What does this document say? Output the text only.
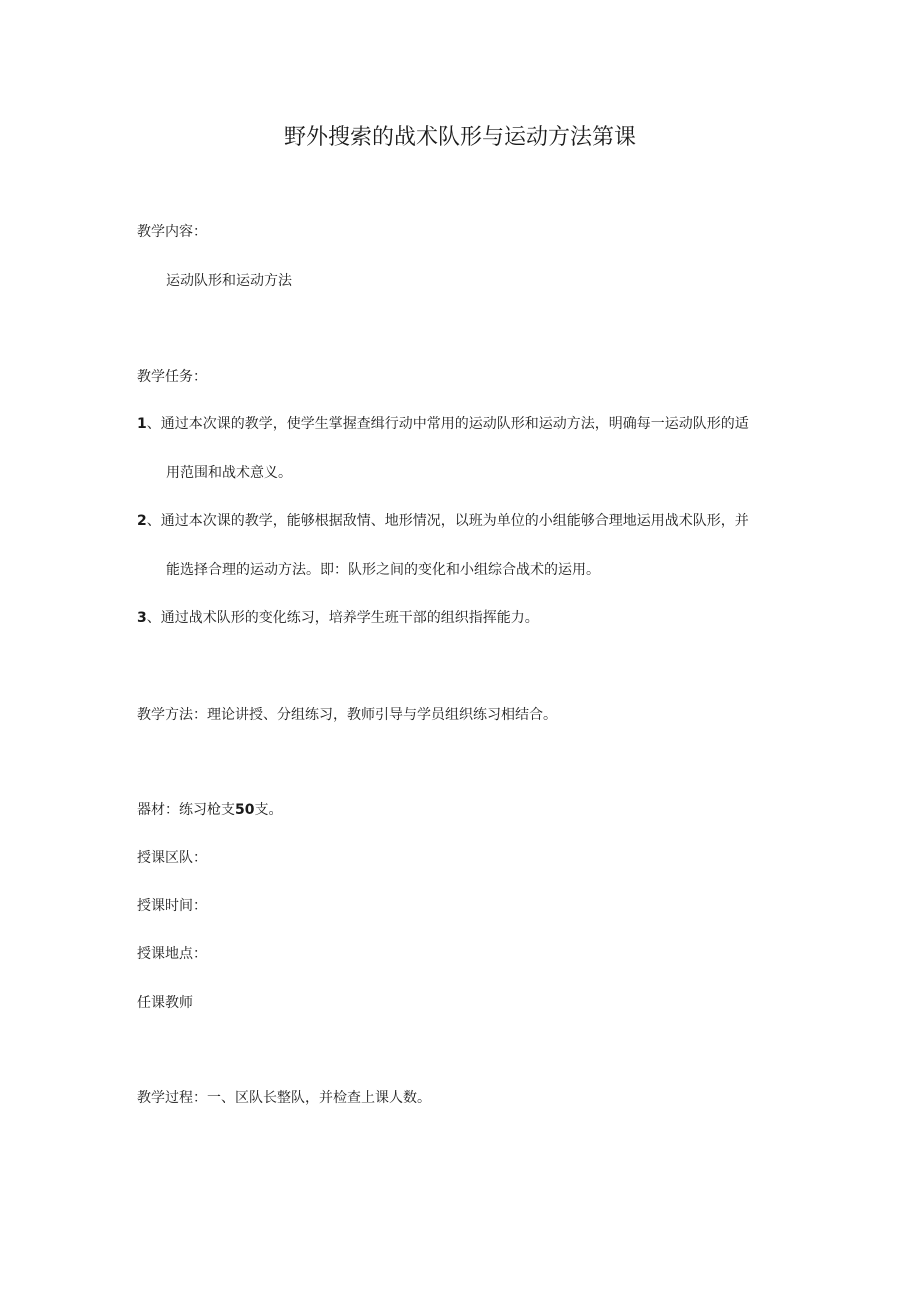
野外搜索的战术队形与运动方法第课
教学内容：
运动队形和运动方法
教学任务：
1、通过本次课的教学，使学生掌握查缉行动中常用的运动队形和运动方法，明确每一运动队形的适
用范围和战术意义。
2、通过本次课的教学，能够根据敌情、地形情况，以班为单位的小组能够合理地运用战术队形，并
能选择合理的运动方法。即：队形之间的变化和小组综合战术的运用。
3、通过战术队形的变化练习，培养学生班干部的组织指挥能力。
教学方法：理论讲授、分组练习，教师引导与学员组织练习相结合。
器材：练习枪支50支。
授课区队：
授课时间：
授课地点：
任课教师
教学过程：一、区队长整队，并检查上课人数。
